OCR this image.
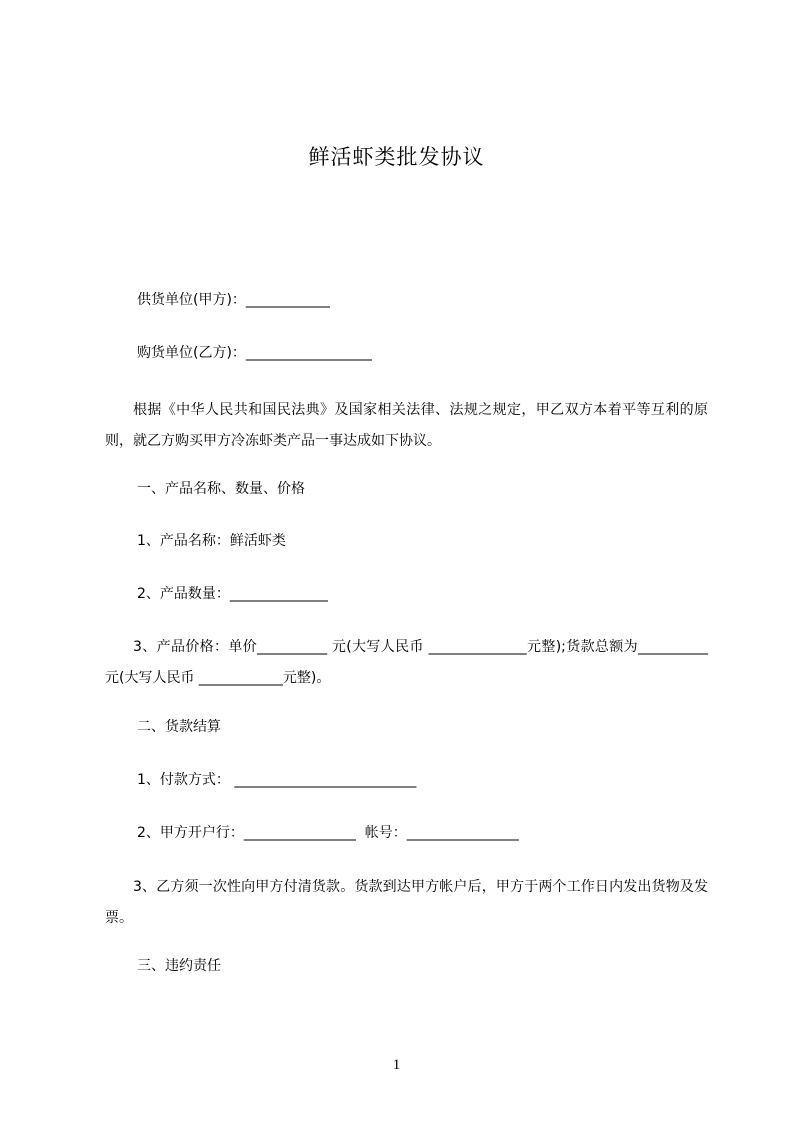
鲜活虾类批发协议
供货单位(甲方)：____________
购货单位(乙方)：__________________
根据《中华人民共和国民法典》及国家相关法律、法规之规定，甲乙双方本着平等互利的原则，就乙方购买甲方冷冻虾类产品一事达成如下协议。
一、产品名称、数量、价格
1、产品名称：鲜活虾类
2、产品数量：______________
3、产品价格：单价__________ 元(大写人民币 ______________元整);货款总额为__________ 元(大写人民币 ____________元整)。
二、货款结算
1、付款方式： __________________________
2、甲方开户行：________________  帐号：________________
3、乙方须一次性向甲方付清货款。货款到达甲方帐户后，甲方于两个工作日内发出货物及发票。
三、违约责任
1
